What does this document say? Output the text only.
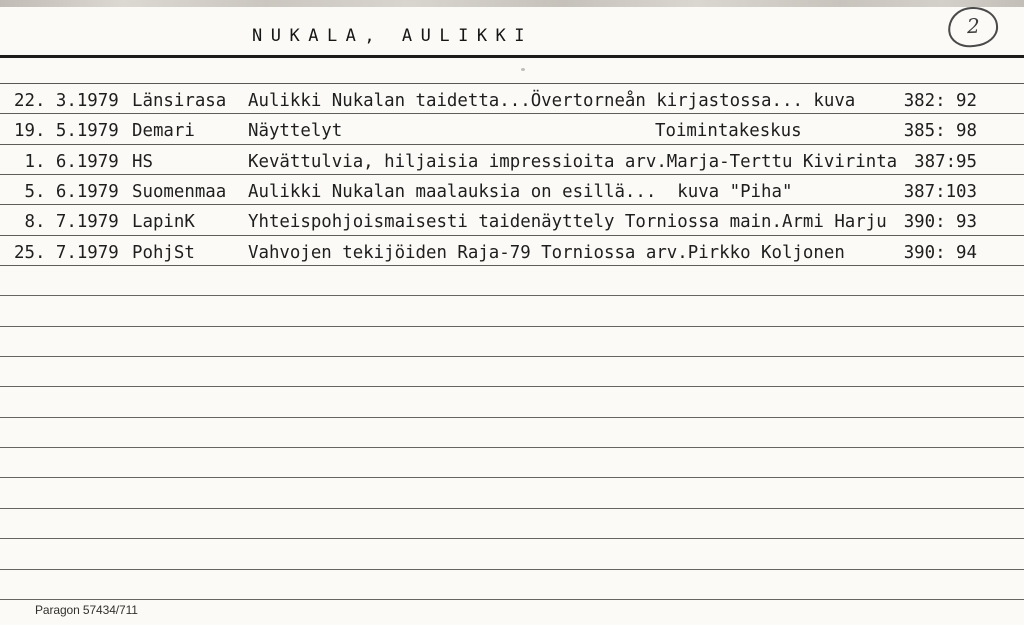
NUKALA, AULIKKI	2
22. 3.1979 Länsirasa	Aulikki Nukalan taidetta...Övertorneån kirjastossa... kuva	382: 92
19. 5.1979 Demari	Näyttelyt	Toimintakeskus	385: 98
1. 6.1979 HS	Kevättulvia, hiljaisia impressioita arv.Marja-Terttu Kivirinta 387:95
5. 6.1979 Suomenmaa	Aulikki Nukalan maalauksia on esillä...  kuva "Piha"	387:103
8. 7.1979 LapinK	Yhteispohjoismaisesti taidenäyttely Torniossa main.Armi Harju 390: 93
25. 7.1979 PohjSt	Vahvojen tekijöiden Raja-79 Torniossa arv.Pirkko Koljonen	390: 94
Paragon 57434/711
